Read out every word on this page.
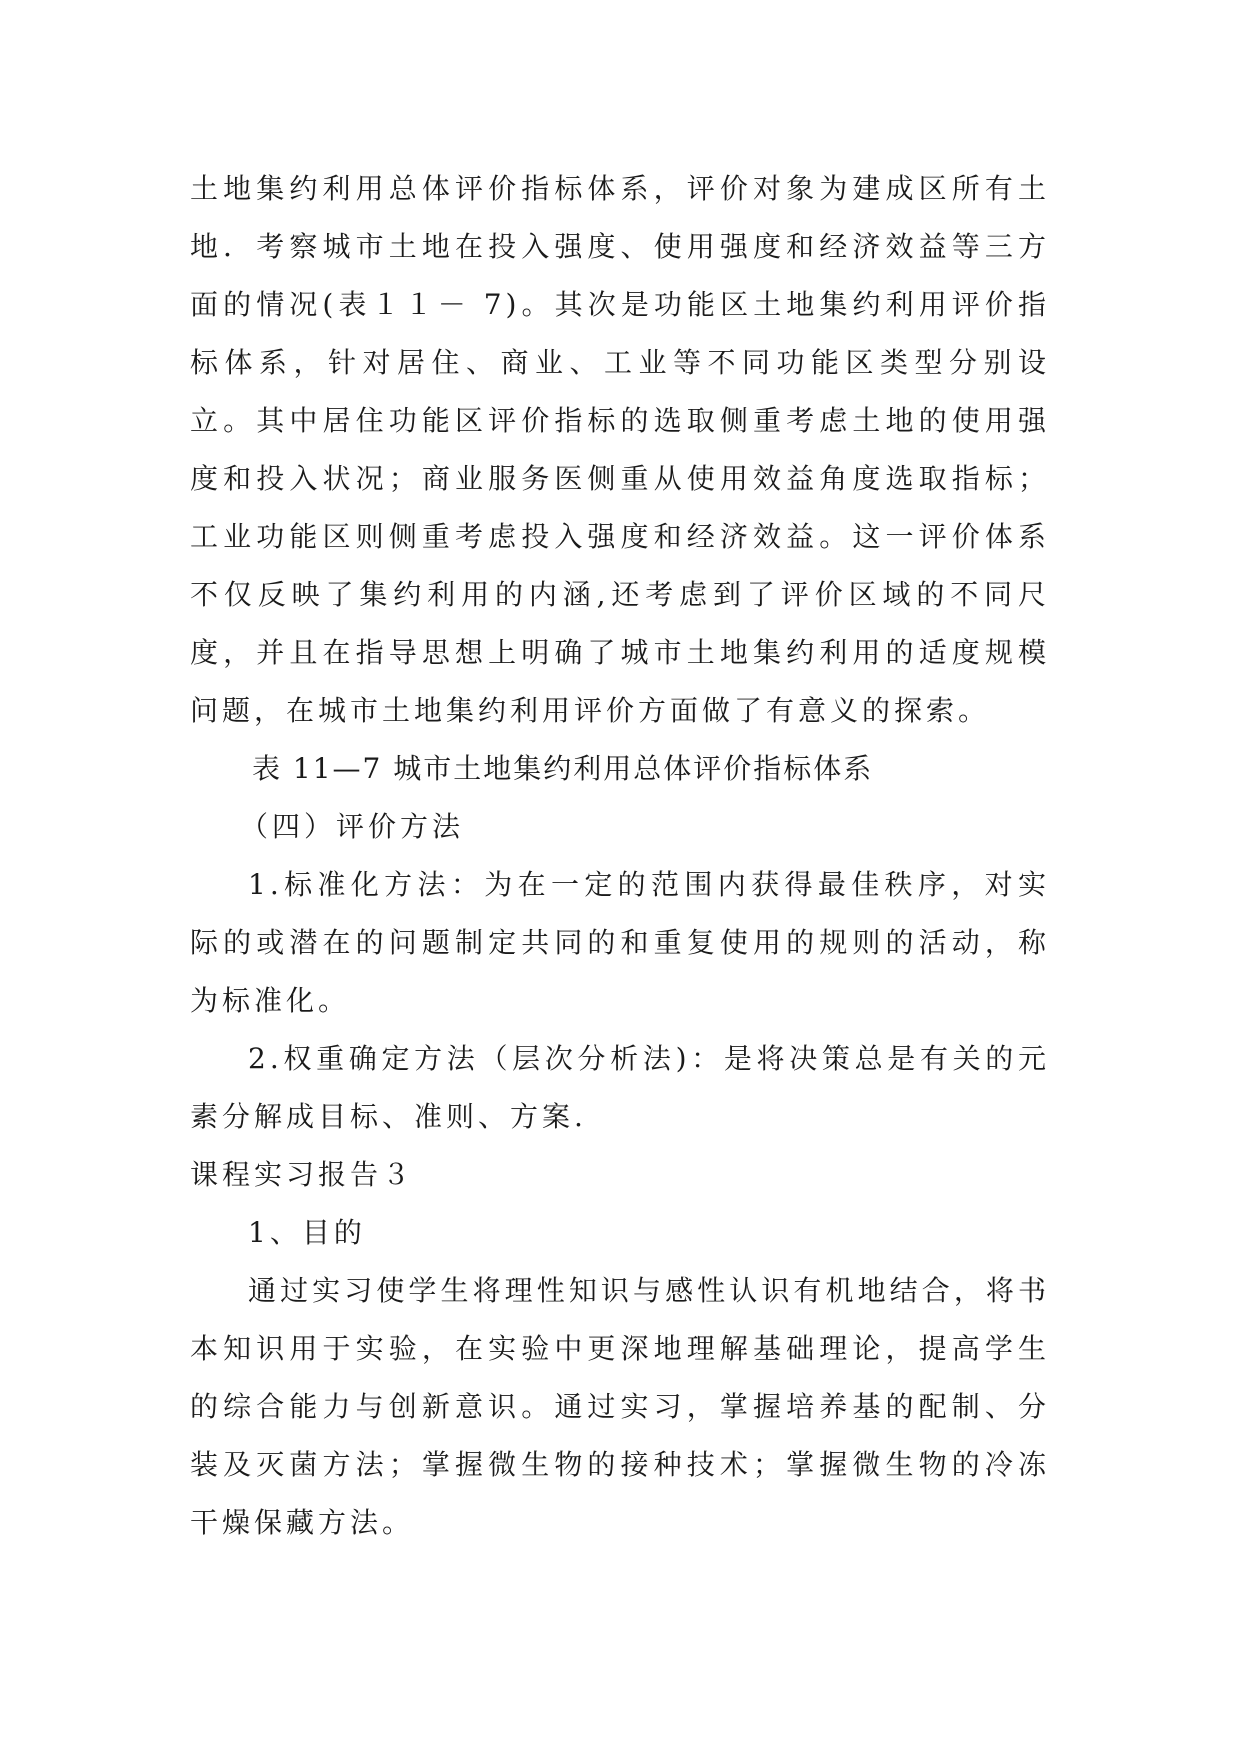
土地集约利用总体评价指标体系，评价对象为建成区所有土地．考察城市土地在投入强度、使用强度和经济效益等三方面的情况(表１１－ 7)。其次是功能区土地集约利用评价指标体系，针对居住、商业、工业等不同功能区类型分别设立。其中居住功能区评价指标的选取侧重考虑土地的使用强度和投入状况；商业服务医侧重从使用效益角度选取指标；工业功能区则侧重考虑投入强度和经济效益。这一评价体系不仅反映了集约利用的内涵,还考虑到了评价区域的不同尺度，并且在指导思想上明确了城市土地集约利用的适度规模问题，在城市土地集约利用评价方面做了有意义的探索。

表 11—7 城市土地集约利用总体评价指标体系

（四）评价方法

1.标准化方法：为在一定的范围内获得最佳秩序，对实际的或潜在的问题制定共同的和重复使用的规则的活动，称为标准化。

2.权重确定方法（层次分析法)：是将决策总是有关的元素分解成目标、准则、方案.

课程实习报告３

1、目的

通过实习使学生将理性知识与感性认识有机地结合，将书本知识用于实验，在实验中更深地理解基础理论，提高学生的综合能力与创新意识。通过实习，掌握培养基的配制、分装及灭菌方法；掌握微生物的接种技术；掌握微生物的冷冻干燥保藏方法。
